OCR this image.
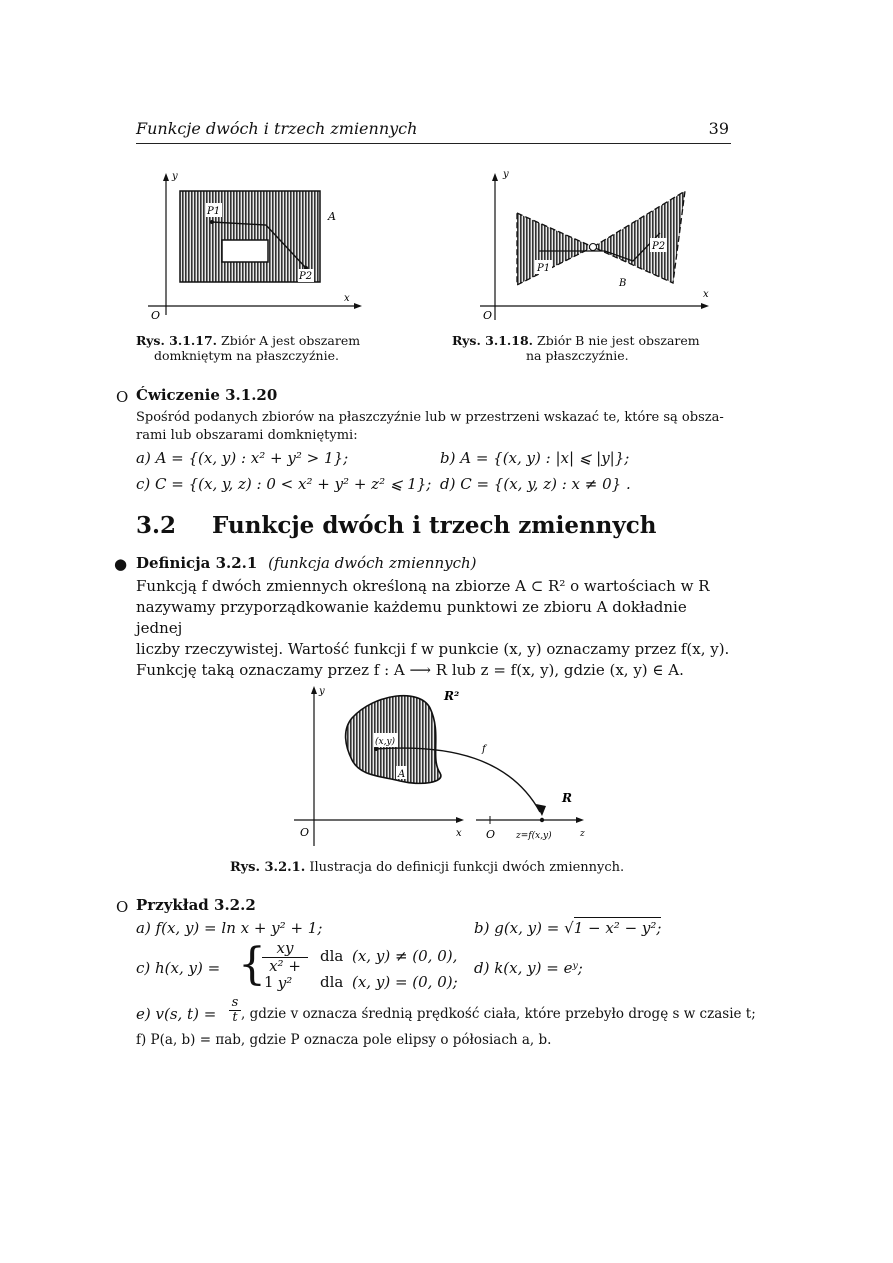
Funkcje dwóch i trzech zmiennych	39
y
x
O
P1
P2
A
Rys. 3.1.17. Zbiór A jest obszarem
domkniętym na płaszczyźnie.
y
x
O
P1
P2
B
Rys. 3.1.18. Zbiór B nie jest obszarem
na płaszczyźnie.
O Ćwiczenie 3.1.20
Spośród podanych zbiorów na płaszczyźnie lub w przestrzeni wskazać te, które są obsza-
rami lub obszarami domkniętymi:
a) A = {(x, y) : x² + y² > 1};	b) A = {(x, y) : |x| ⩽ |y|};
c) C = {(x, y, z) : 0 < x² + y² + z² ⩽ 1}; d) C = {(x, y, z) : x ≠ 0} .
3.2 Funkcje dwóch i trzech zmiennych
● Definicja 3.2.1 (funkcja dwóch zmiennych)
Funkcją f dwóch zmiennych określoną na zbiorze A ⊂ R² o wartościach w R
nazywamy przyporządkowanie każdemu punktowi ze zbioru A dokładnie jednej
liczby rzeczywistej. Wartość funkcji f w punkcie (x, y) oznaczamy przez f(x, y).
Funkcję taką oznaczamy przez f : A ⟶ R lub z = f(x, y), gdzie (x, y) ∈ A.
y
x
O
(x,y)
A
f
O z=f(x,y)	z
R²
R
Rys. 3.2.1. Ilustracja do definicji funkcji dwóch zmiennych.
O Przykład 3.2.2
a) f(x, y) = ln x + y² + 1;	b) g(x, y) = √1 − x² − y²;
c) h(x, y) = {
$\frac{xy}{\text{x² + y²}}$ dla (x, y) ≠ (0, 0),
1	dla (x, y) = (0, 0);
d) k(x, y) = eʸ;
e) v(s, $t) = \frac{s}{t}$ , gdzie v oznacza średnią prędkość ciała, które przebyło drogę s w czasie t;
f) P(a, b) = πab, gdzie P oznacza pole elipsy o półosiach a, b.
